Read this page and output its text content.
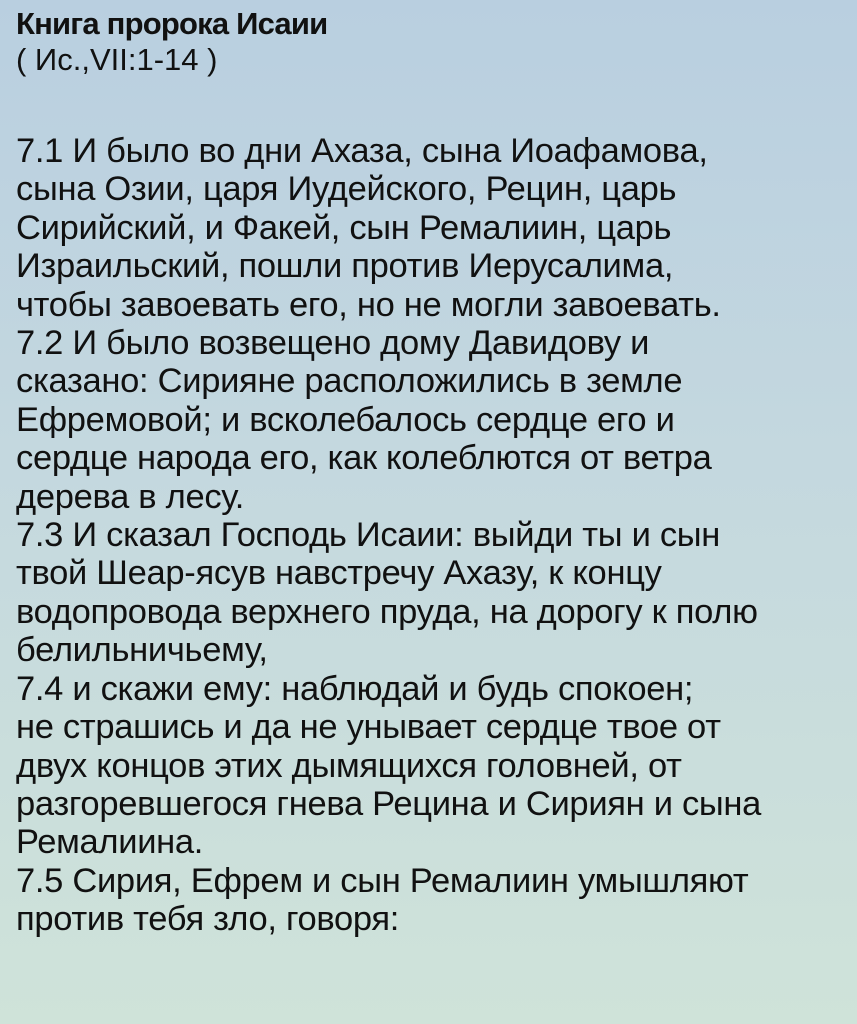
Книга пророка Исаии
( Ис.,VII:1-14 )
7.1 И было во дни Ахаза, сына Иоафамова,
сына Озии, царя Иудейского, Рецин, царь
Сирийский, и Факей, сын Ремалиин, царь
Израильский, пошли против Иерусалима,
чтобы завоевать его, но не могли завоевать.
7.2 И было возвещено дому Давидову и
сказано: Сирияне расположились в земле
Ефремовой; и всколебалось сердце его и
сердце народа его, как колеблются от ветра
дерева в лесу.
7.3 И сказал Господь Исаии: выйди ты и сын
твой Шеар-ясув навстречу Ахазу, к концу
водопровода верхнего пруда, на дорогу к полю
белильничьему,
7.4 и скажи ему: наблюдай и будь спокоен;
не страшись и да не унывает сердце твое от
двух концов этих дымящихся головней, от
разгоревшегося гнева Рецина и Сириян и сына
Ремалиина.
7.5 Сирия, Ефрем и сын Ремалиин умышляют
против тебя зло, говоря:
